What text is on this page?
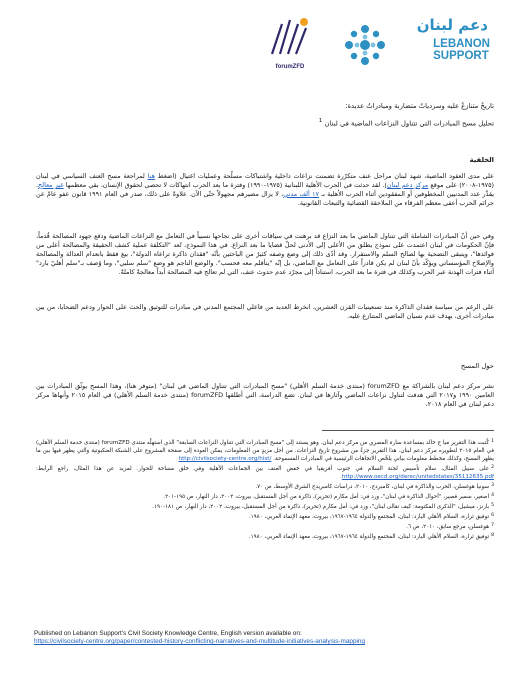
دعم لبنان
LEBANON
SUPPORT
forumZFD
تاريخٌ متنازعٌ عليه وسردياتٌ متضاربة ومبادراتٌ عديدة:
تحليل مسح المبادرات التي تتناول النزاعات الماضية في لبنان $^1$
الخلفية

على مدى العقود الماضية، شهد لبنان مراحل عنف متكرّرة تضمنت نزاعات داخلية واشتباكات مسلّحة وعمليات اغتيال (اضغط هنا لمراجعة مسح العنف السياسي في لبنان (١٩٧٥-٢٠٠٨) على موقع مركز دعم لبنان). لقد حدثت في الحرب الأهلية اللبنانية (١٩٧٥-١٩٩٠) وفترة ما بعد الحرب انتهاكات لا تحصى لحقوق الإنسان، بقي معظمها غير معالج. يقدَّر عدد المدنيين المخطوفين أو المفقودين أثناء الحرب الأهلية بـ ١٧ ألف مدني، لا يزال مصيرهم مجهولاً حتّى الآن. علاوةً على ذلك، صدر في العام ١٩٩١ قانون عفو عامّ عن جرائم الحرب أعفى معظم الفرقاء من الملاحقة القضائية والتبعات القانونية.

وفي حين أنّ المبادرات الشاملة التي تتناول الماضي ما بعد النزاع قد برهنت في سياقات أخرى على نجاحها نسبياً في التعامل مع النزاعات الماضية ودفع جهود المصالحة قُدماً، فإنّ الحكومات في لبنان اعتمدت على نموذج يطلق من الأعلى إلى الأدنى لحلّ قضايا ما بعد النزاع. في هذا النموذج، تُعد "التكلفة عملية كشف الحقيقة والمصالحة أعلى من فوائدها"، ويتبقى التضحية بها لصالح السلم والاستقرار. وقد أدّى ذلك إلى وضع وصفه كثيرٌ من الباحثين بأنّه "فقدان ذاكرة تراعاه الدولة"، بيغ فقط بانعدام العدالة والمصالحة والإصلاح المؤسساتي ويؤكّد بأنّ لبنان لم يكن قادراً على التعامل مع الماضي، بل إنّه "يتأقلم معه فحسب". والوضع الناجم هو وضع "سلم سلبي"، وما وُصف بـ"سلم أهليّ بارد" أثناء فترات الهدنة عبر الحرب وكذلك في فترة ما بعد الحرب، استناداً إلى مجرّد عدم حدوث عنف، التي لم تعالج فيه المصالحة أبداً معالجةً كاملةً.

على الرغم من سياسة فقدان الذاكرة منذ تسعينيات القرن العشرين، انخرط العديد من فاعلي المجتمع المدني في مبادرات للتوثيق والحث على الحوار ودعم الضحايا، من بين مبادرات أخرى، بهدف عدم نسيان الماضي المتنازع عليه.

حول المسح

نشر مركز دعم لبنان بالشراكة مع forumZFD (منتدى خدمة السلم الأهلي) "مسح المبادرات التي تتناول الماضي في لبنان" (متوفر هنا)، وهذا المسح يوثّق المبادرات بين العامين ١٩٩٠ و٢٠١٧ التي هدفت لتناول نزاعات الماضي وآثارها في لبنان. تضع الدراسة، التي أطلقها forumZFD (منتدى خدمة السلم الأهلي) في العام ٢٠١٥ وأنهاها مركز دعم لبنان في العام ٢٠١٨،

1كُتبت هذا التقرير ميا ج خالد بمساعدة سارة المصري من مركز دعم لبنان. وهو يستند إلى "مسح المبادرات التي تتناول النزاعات السابقة" الذي استهلّه منتدى forumZFD (منتدى خدمة السلم الأهلي) في العام ٢٠١٥ لتطويره مركز دعم لبنان. هذا التقرير جزءٌ من مشروع تاريخ النزاعات. من أجل مزيدٍ من المعلومات، يمكن العودة إلى صفحة المشروع على الشبكة العنكبوتية والتي يظهر فيها بين ما يظهر المسح، وكذلك مخطط معلومات بياني يلخّص الاتجاهات الرئيسية في المبادرات المسموحة. http://civilsociety-centre.org/hist/

2على سبيل المثال، سلام تأسيس لجنة السلام في جنوب أفريقيا في خفض العنف بين الجماعات الأهلية وفي خلق مساحة للحوار. لمزيد عن هذا المثال، راجع الرابط: http://www.oecd.org/derec/unitedstates/35112635.pdf

3سونيا هوغسلن، الحرب والذاكرة في لبنان، كامبردج، ٢٠١٠، دراسات كامبريدج الشرق الأوسط، ص ٧٠.

4اصغير، سمير فصير، "أحوال الذاكرة في لبنان"، ورد في: أمل مكارم (تحرير)، ذاكرة من أجل المستقبل، بيروت، ٢٠٠٢، دار النهار، ص ١٩٥-٢٠١.

5بارنز، ميشيل، "الذكرى المكتومة: كيف تقالى لبنان"، ورد في: أمل مكارم (تحرير)، ذاكرة من أجل المستقبل، بيروت، ٢٠٠٢، دار النهار، ص ١٨١-١٩٠.

6توفيق ثرارة، السلام الأهلي البارد: لبنان، المجتمع والدولة ١٩٦٤-١٩٦٧، بيروت، معهد الإنماء العربي، ١٩٨٠.

7هوغسلن، مرجع سابق، ٢٠١٠، ص ٦.

8توفيق ثرارة، السلام الأهلي البارد: لبنان، المجتمع والدولة ١٩٦٤-١٩٦٧، بيروت، معهد الإنماء العربي، ١٩٨٠.

Published on Lebanon Support's Civil Society Knowledge Centre, English version available on:
https://civilsociety-centre.org/paper/contested-history-conflicting-narratives-and-multitude-initiatives-analysis-mapping
